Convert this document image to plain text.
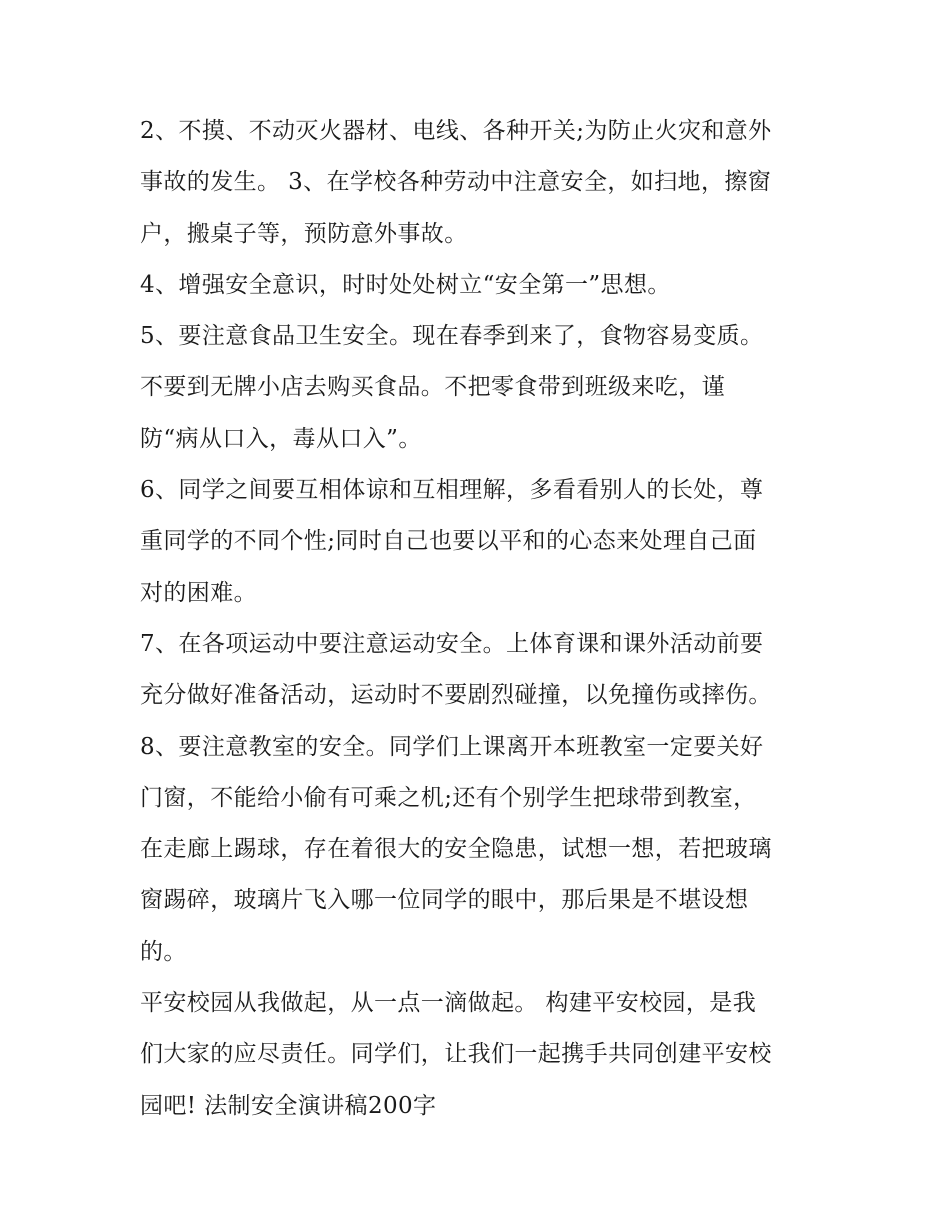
2、不摸、不动灭火器材、电线、各种开关;为防止火灾和意外
事故的发生。 3、在学校各种劳动中注意安全，如扫地，擦窗
户，搬桌子等，预防意外事故。
4、增强安全意识，时时处处树立“安全第一”思想。
5、要注意食品卫生安全。现在春季到来了，食物容易变质。
不要到无牌小店去购买食品。不把零食带到班级来吃，谨
防“病从口入，毒从口入”。
6、同学之间要互相体谅和互相理解，多看看别人的长处，尊
重同学的不同个性;同时自己也要以平和的心态来处理自己面
对的困难。
7、在各项运动中要注意运动安全。上体育课和课外活动前要
充分做好准备活动，运动时不要剧烈碰撞，以免撞伤或摔伤。
8、要注意教室的安全。同学们上课离开本班教室一定要关好
门窗，不能给小偷有可乘之机;还有个别学生把球带到教室，
在走廊上踢球，存在着很大的安全隐患，试想一想，若把玻璃
窗踢碎，玻璃片飞入哪一位同学的眼中，那后果是不堪设想
的。
平安校园从我做起，从一点一滴做起。 构建平安校园，是我
们大家的应尽责任。同学们，让我们一起携手共同创建平安校
园吧! 法制安全演讲稿200字
